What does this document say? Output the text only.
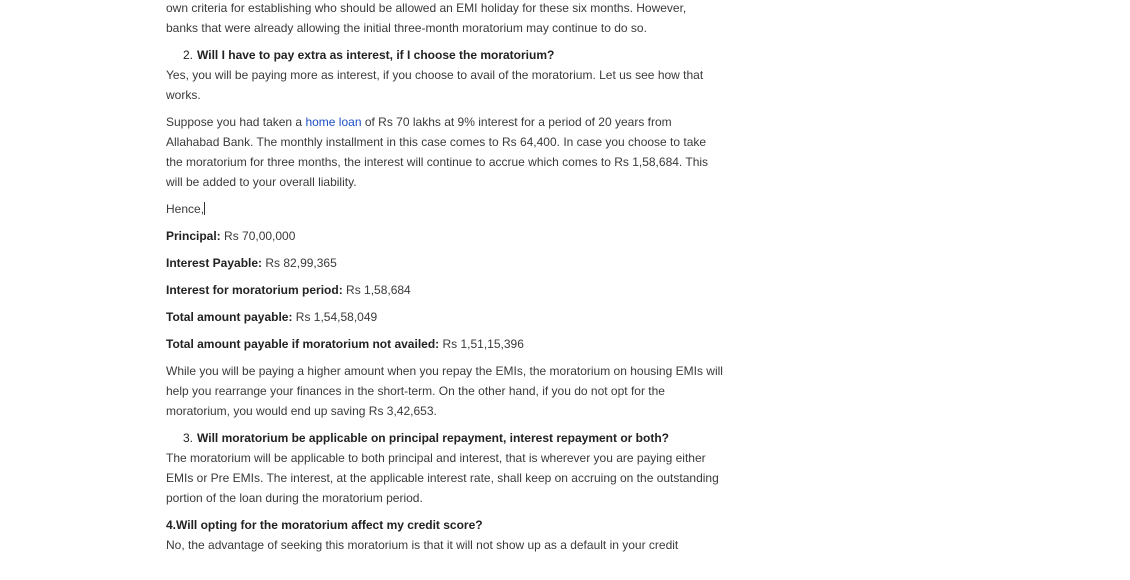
own criteria for establishing who should be allowed an EMI holiday for these six months. However,
banks that were already allowing the initial three-month moratorium may continue to do so.

2. Will I have to pay extra as interest, if I choose the moratorium?

Yes, you will be paying more as interest, if you choose to avail of the moratorium. Let us see how that works.

Suppose you had taken a home loan of Rs 70 lakhs at 9% interest for a period of 20 years from Allahabad Bank. The monthly installment in this case comes to Rs 64,400. In case you choose to take the moratorium for three months, the interest will continue to accrue which comes to Rs 1,58,684. This will be added to your overall liability.

Hence,

Principal: Rs 70,00,000

Interest Payable: Rs 82,99,365

Interest for moratorium period: Rs 1,58,684

Total amount payable: Rs 1,54,58,049

Total amount payable if moratorium not availed: Rs 1,51,15,396

While you will be paying a higher amount when you repay the EMIs, the moratorium on housing EMIs will help you rearrange your finances in the short-term. On the other hand, if you do not opt for the moratorium, you would end up saving Rs 3,42,653.

3. Will moratorium be applicable on principal repayment, interest repayment or both?

The moratorium will be applicable to both principal and interest, that is wherever you are paying either EMIs or Pre EMIs. The interest, at the applicable interest rate, shall keep on accruing on the outstanding portion of the loan during the moratorium period.

4.Will opting for the moratorium affect my credit score?

No, the advantage of seeking this moratorium is that it will not show up as a default in your credit
